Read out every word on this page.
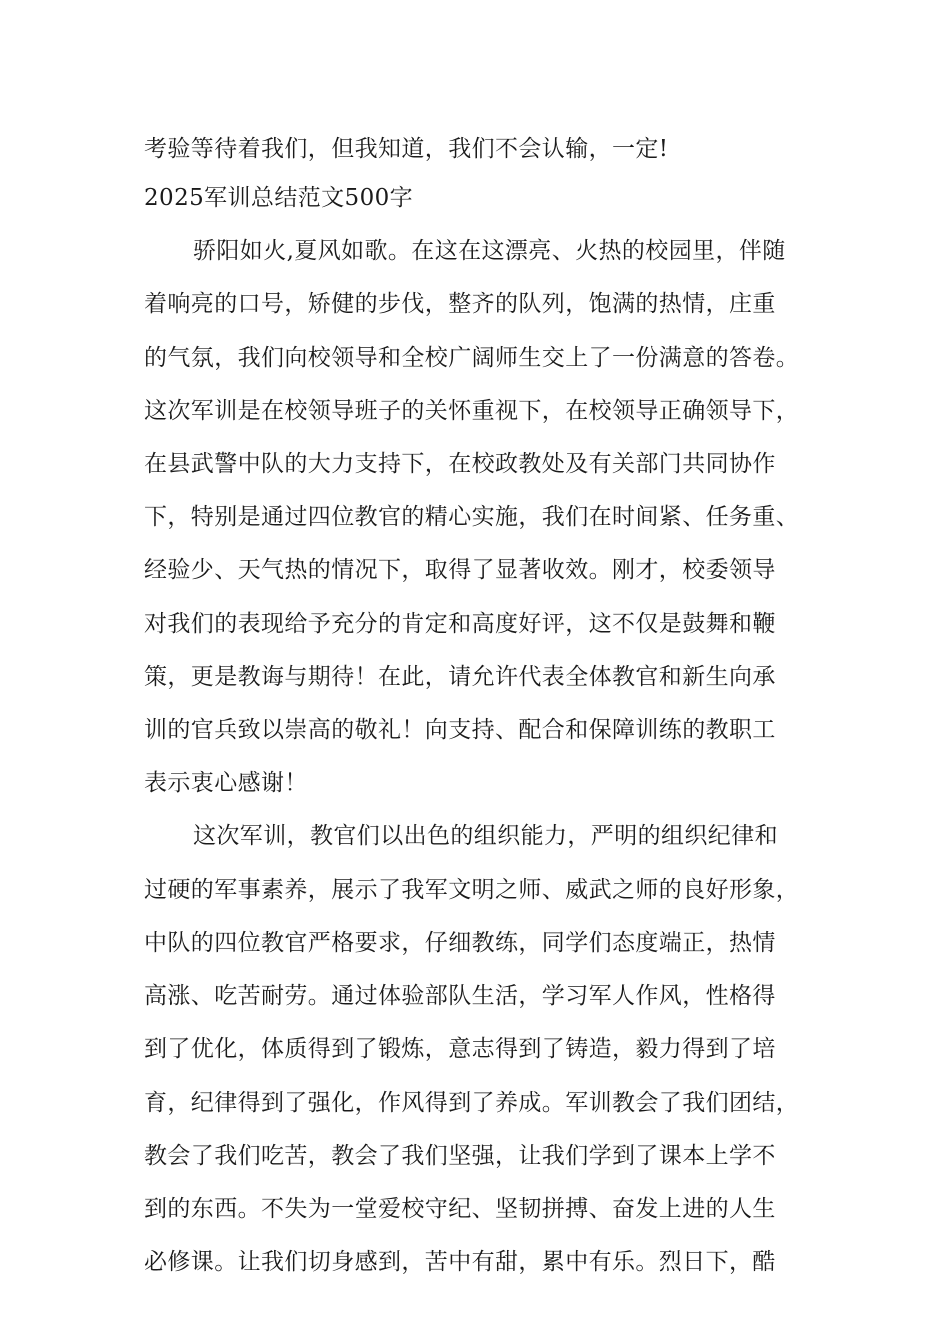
考验等待着我们，但我知道，我们不会认输，一定!
2025军训总结范文500字
骄阳如火,夏风如歌。在这在这漂亮、火热的校园里，伴随
着响亮的口号，矫健的步伐，整齐的队列，饱满的热情，庄重
的气氛，我们向校领导和全校广阔师生交上了一份满意的答卷。
这次军训是在校领导班子的关怀重视下，在校领导正确领导下，
在县武警中队的大力支持下，在校政教处及有关部门共同协作
下，特别是通过四位教官的精心实施，我们在时间紧、任务重、
经验少、天气热的情况下，取得了显著收效。刚才，校委领导
对我们的表现给予充分的肯定和高度好评，这不仅是鼓舞和鞭
策，更是教诲与期待！在此，请允许代表全体教官和新生向承
训的官兵致以崇高的敬礼！向支持、配合和保障训练的教职工
表示衷心感谢！
这次军训，教官们以出色的组织能力，严明的组织纪律和
过硬的军事素养，展示了我军文明之师、威武之师的良好形象，
中队的四位教官严格要求，仔细教练，同学们态度端正，热情
高涨、吃苦耐劳。通过体验部队生活，学习军人作风，性格得
到了优化，体质得到了锻炼，意志得到了铸造，毅力得到了培
育，纪律得到了强化，作风得到了养成。军训教会了我们团结，
教会了我们吃苦，教会了我们坚强，让我们学到了课本上学不
到的东西。不失为一堂爱校守纪、坚韧拼搏、奋发上进的人生
必修课。让我们切身感到，苦中有甜，累中有乐。烈日下，酷
